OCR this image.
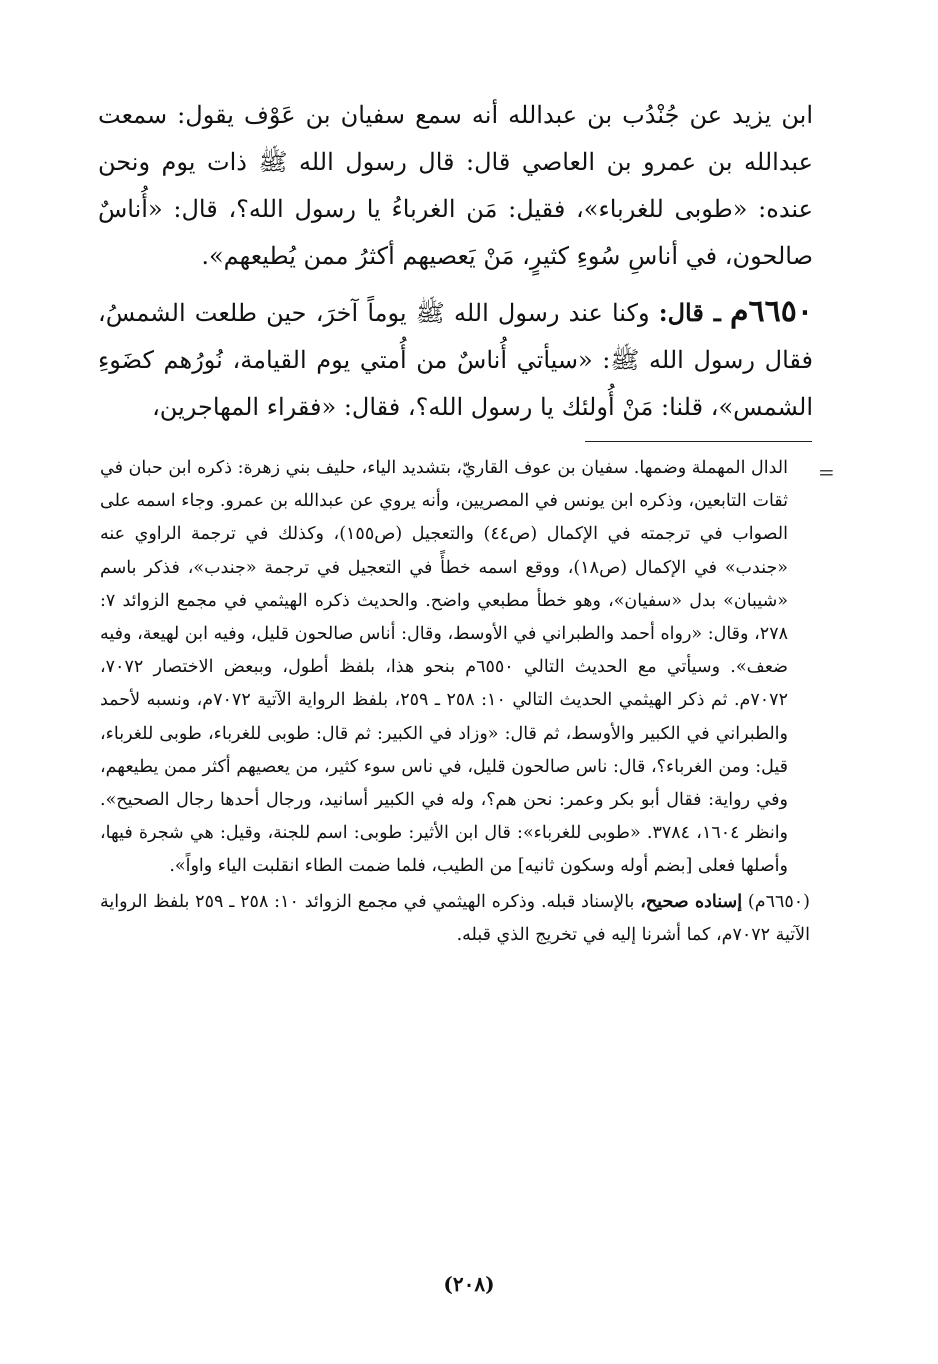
ابن يزيد عن جُنْدُب بن عبدالله أنه سمع سفيان بن عَوْف يقول: سمعت عبدالله بن عمرو بن العاصي قال: قال رسول الله ﷺ ذات يوم ونحن عنده: «طوبى للغرباء»، فقيل: مَن الغرباءُ يا رسول الله؟، قال: «أُناسٌ صالحون، في أناسِ سُوءِ كثيرٍ، مَنْ يَعصيهم أكثرُ ممن يُطيعهم».

٦٦٥٠م ـ قال: وكنا عند رسول الله ﷺ يوماً آخرَ، حين طلعت الشمسُ، فقال رسول الله ﷺ: «سيأتي أُناسٌ من أُمتي يوم القيامة، نُورُهم كضَوءِ الشمس»، قلنا: مَنْ أُولئك يا رسول الله؟، فقال: «فقراء المهاجرين،

=

الدال المهملة وضمها. سفيان بن عوف القاريّ، بتشديد الياء، حليف بني زهرة: ذكره ابن حبان في ثقات التابعين، وذكره ابن يونس في المصريين، وأنه يروي عن عبدالله بن عمرو. وجاء اسمه على الصواب في ترجمته في الإكمال (ص٤٤) والتعجيل (ص١٥٥)، وكذلك في ترجمة الراوي عنه «جندب» في الإكمال (ص١٨)، ووقع اسمه خطأً في التعجيل في ترجمة «جندب»، فذكر باسم «شيبان» بدل «سفيان»، وهو خطأ مطبعي واضح. والحديث ذكره الهيثمي في مجمع الزوائد ٧: ٢٧٨، وقال: «رواه أحمد والطبراني في الأوسط، وقال: أناس صالحون قليل، وفيه ابن لهيعة، وفيه ضعف». وسيأتي مع الحديث التالي ٦٥٥٠م بنحو هذا، بلفظ أطول، وببعض الاختصار ٧٠٧٢، ٧٠٧٢م. ثم ذكر الهيثمي الحديث التالي ١٠: ٢٥٨ ـ ٢٥٩، بلفظ الرواية الآتية ٧٠٧٢م، ونسبه لأحمد والطبراني في الكبير والأوسط، ثم قال: «وزاد في الكبير: ثم قال: طوبى للغرباء، طوبى للغرباء، قيل: ومن الغرباء؟، قال: ناس صالحون قليل، في ناس سوء كثير، من يعصيهم أكثر ممن يطيعهم، وفي رواية: فقال أبو بكر وعمر: نحن هم؟، وله في الكبير أسانيد، ورجال أحدها رجال الصحيح». وانظر ١٦٠٤، ٣٧٨٤. «طوبى للغرباء»: قال ابن الأثير: طوبى: اسم للجنة، وقيل: هي شجرة فيها، وأصلها فعلى [بضم أوله وسكون ثانيه] من الطيب، فلما ضمت الطاء انقلبت الياء واواً».

(٦٦٥٠م) إسناده صحيح، بالإسناد قبله. وذكره الهيثمي في مجمع الزوائد ١٠: ٢٥٨ ـ ٢٥٩ بلفظ الرواية الآتية ٧٠٧٢م، كما أشرنا إليه في تخريج الذي قبله.

(٢٠٨)
